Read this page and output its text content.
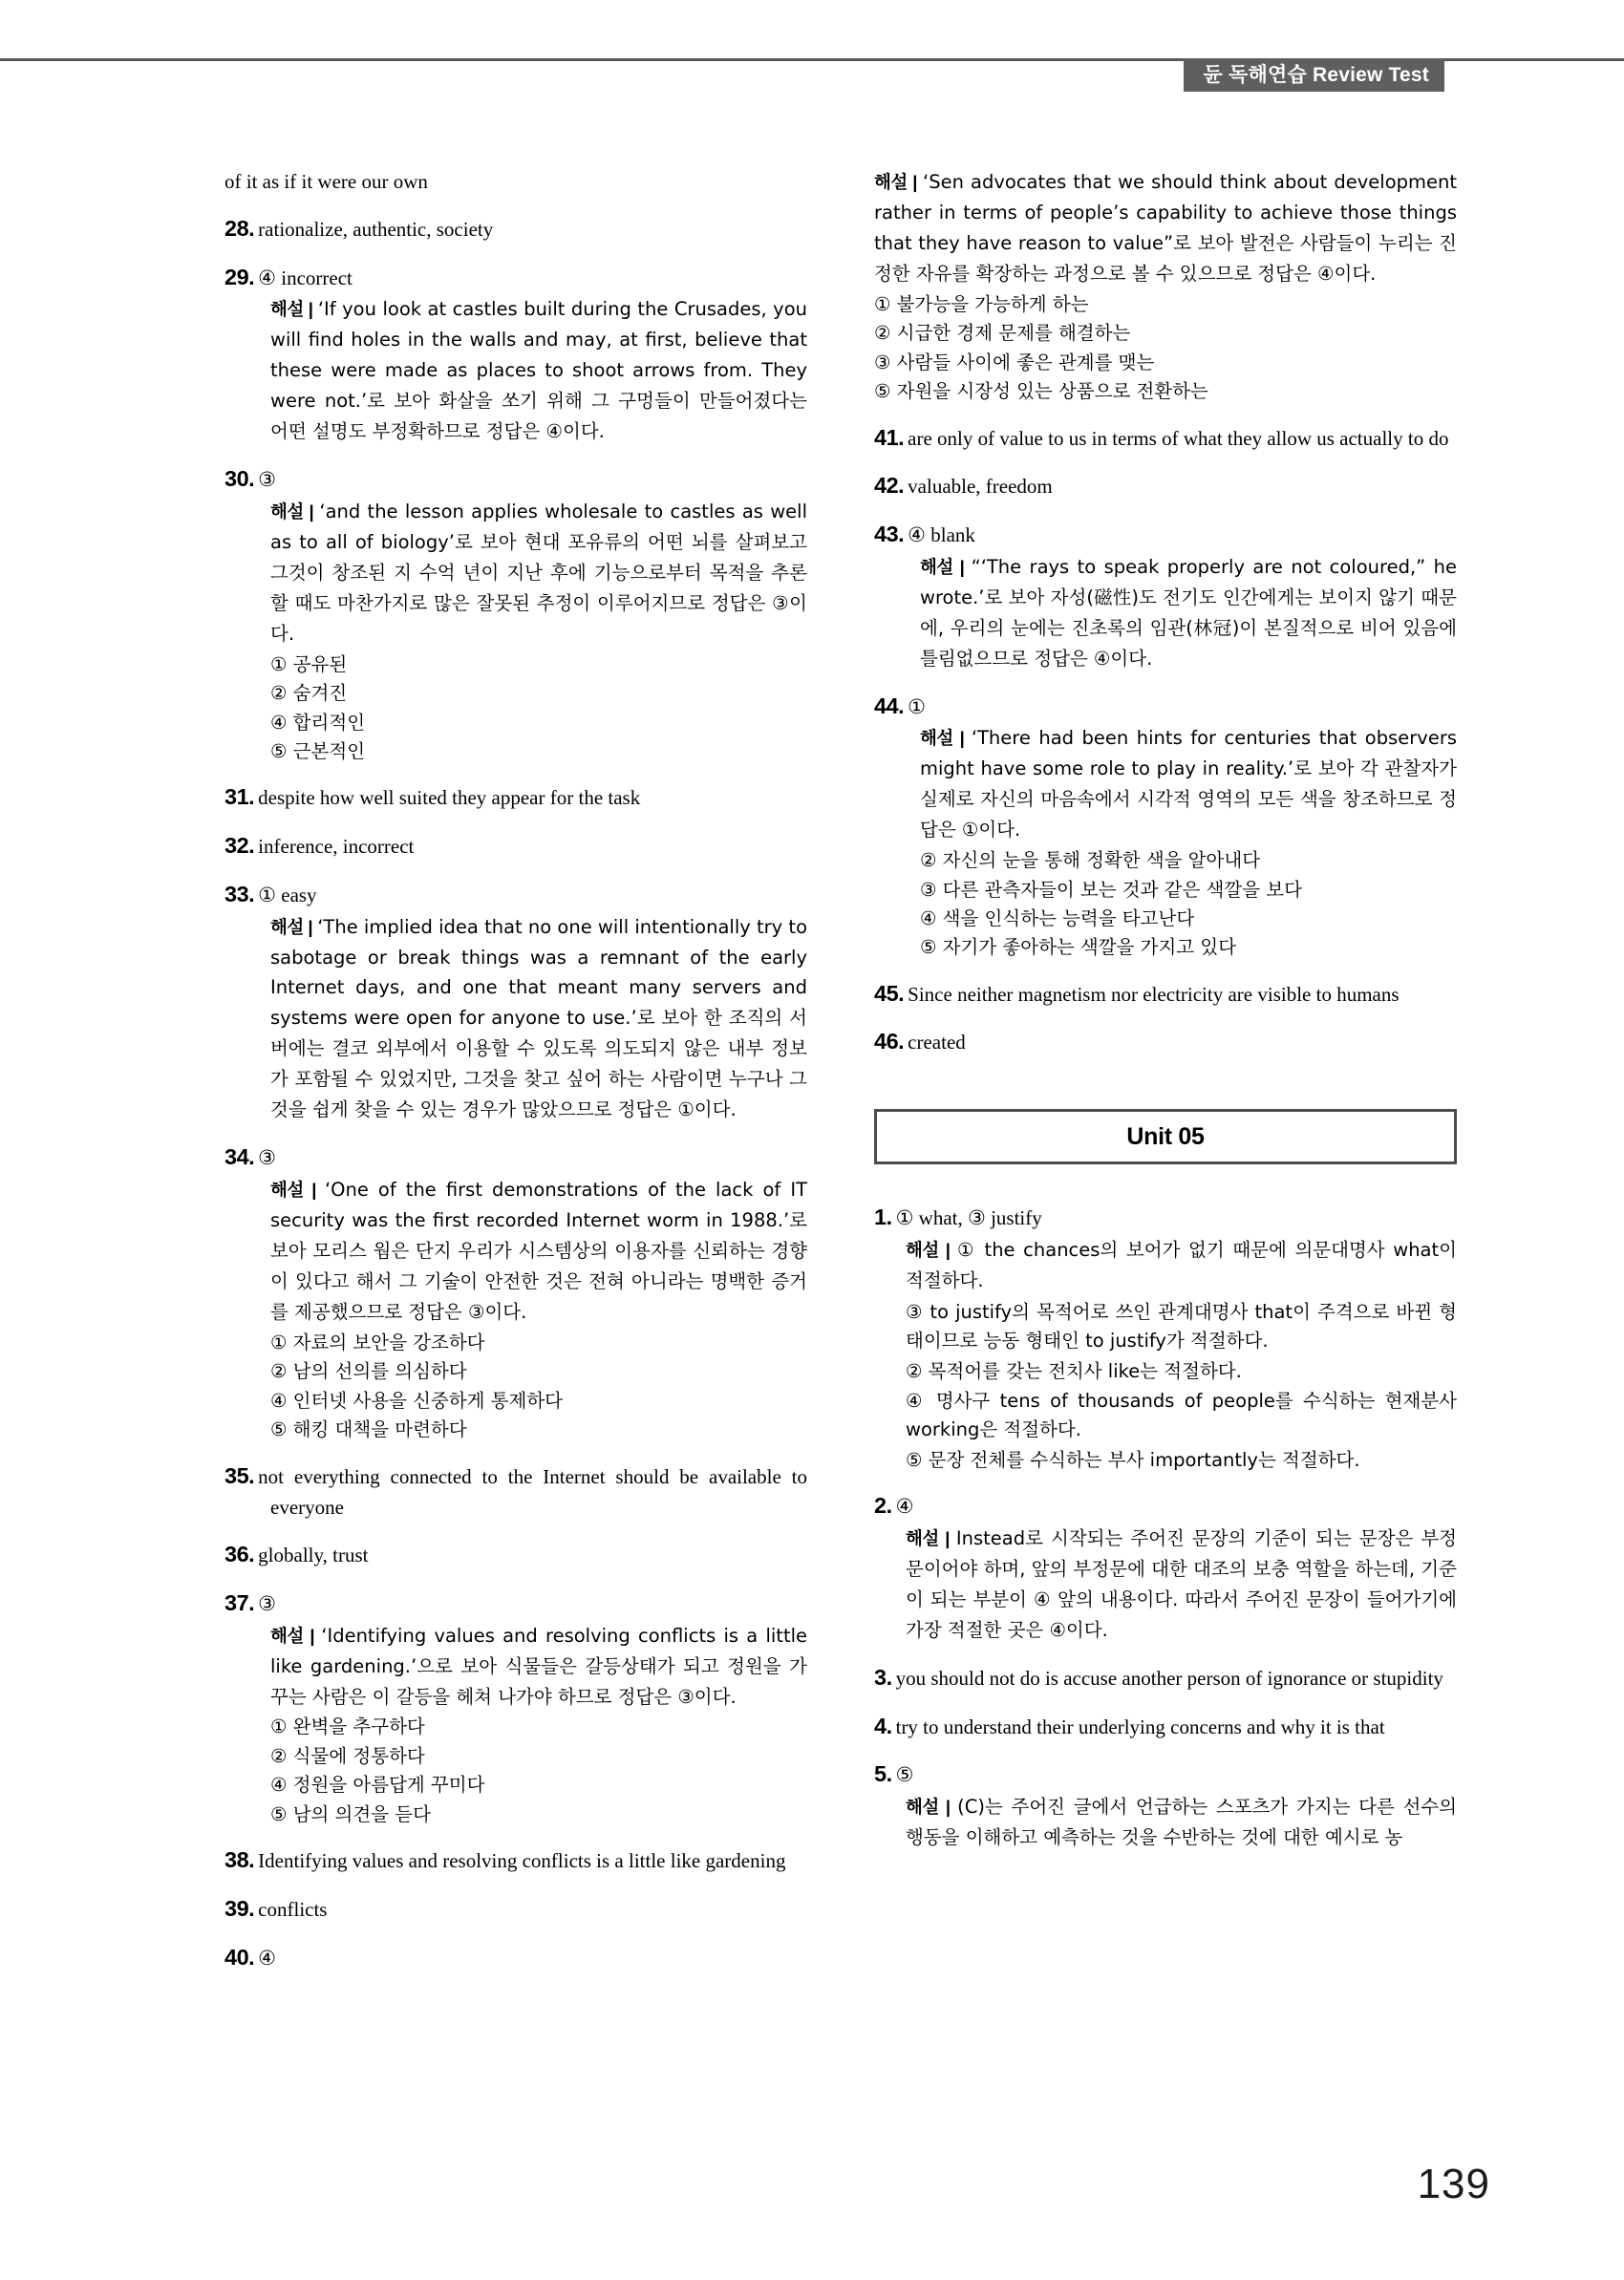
듄 독해연습 Review Test
of it as if it were our own
28. rationalize, authentic, society
29. ④ incorrect
해설 | ‘If you look at castles built during the Crusades, you will find holes in the walls and may, at first, believe that these were made as places to shoot arrows from. They were not.’로 보아 화살을 쏘기 위해 그 구멍들이 만들어졌다는 어떤 설명도 부정확하므로 정답은 ④이다.
30. ③
해설 | ‘and the lesson applies wholesale to castles as well as to all of biology’로 보아 현대 포유류의 어떤 뇌를 살펴보고 그것이 창조된 지 수억 년이 지난 후에 기능으로부터 목적을 추론할 때도 마찬가지로 많은 잘못된 추정이 이루어지므로 정답은 ③이다.
① 공유된
② 숨겨진
④ 합리적인
⑤ 근본적인
31. despite how well suited they appear for the task
32. inference, incorrect
33. ① easy
해설 | ‘The implied idea that no one will intentionally try to sabotage or break things was a remnant of the early Internet days, and one that meant many servers and systems were open for anyone to use.’로 보아 한 조직의 서버에는 결코 외부에서 이용할 수 있도록 의도되지 않은 내부 정보가 포함될 수 있었지만, 그것을 찾고 싶어 하는 사람이면 누구나 그것을 쉽게 찾을 수 있는 경우가 많았으므로 정답은 ①이다.
34. ③
해설 | ‘One of the first demonstrations of the lack of IT security was the first recorded Internet worm in 1988.’로 보아 모리스 웜은 단지 우리가 시스템상의 이용자를 신뢰하는 경향이 있다고 해서 그 기술이 안전한 것은 전혀 아니라는 명백한 증거를 제공했으므로 정답은 ③이다.
① 자료의 보안을 강조하다
② 남의 선의를 의심하다
④ 인터넷 사용을 신중하게 통제하다
⑤ 해킹 대책을 마련하다
35. not everything connected to the Internet should be available to everyone
36. globally, trust
37. ③
해설 | ‘Identifying values and resolving conflicts is a little like gardening.’으로 보아 식물들은 갈등상태가 되고 정원을 가꾸는 사람은 이 갈등을 헤쳐 나가야 하므로 정답은 ③이다.
① 완벽을 추구하다
② 식물에 정통하다
④ 정원을 아름답게 꾸미다
⑤ 남의 의견을 듣다
38. Identifying values and resolving conflicts is a little like gardening
39. conflicts
40. ④
해설 | ‘Sen advocates that we should think about development rather in terms of people’s capability to achieve those things that they have reason to value”로 보아 발전은 사람들이 누리는 진정한 자유를 확장하는 과정으로 볼 수 있으므로 정답은 ④이다.
① 불가능을 가능하게 하는
② 시급한 경제 문제를 해결하는
③ 사람들 사이에 좋은 관계를 맺는
⑤ 자원을 시장성 있는 상품으로 전환하는
41. are only of value to us in terms of what they allow us actually to do
42. valuable, freedom
43. ④ blank
해설 | “‘The rays to speak properly are not coloured,” he wrote.’로 보아 자성(磁性)도 전기도 인간에게는 보이지 않기 때문에, 우리의 눈에는 진초록의 임관(林冠)이 본질적으로 비어 있음에 틀림없으므로 정답은 ④이다.
44. ①
해설 | ‘There had been hints for centuries that observers might have some role to play in reality.’로 보아 각 관찰자가 실제로 자신의 마음속에서 시각적 영역의 모든 색을 창조하므로 정답은 ①이다.
② 자신의 눈을 통해 정확한 색을 알아내다
③ 다른 관측자들이 보는 것과 같은 색깔을 보다
④ 색을 인식하는 능력을 타고난다
⑤ 자기가 좋아하는 색깔을 가지고 있다
45. Since neither magnetism nor electricity are visible to humans
46. created
Unit 05
1. ① what, ③ justify
해설 | ① the chances의 보어가 없기 때문에 의문대명사 what이 적절하다.
③ to justify의 목적어로 쓰인 관계대명사 that이 주격으로 바뀐 형태이므로 능동 형태인 to justify가 적절하다.
② 목적어를 갖는 전치사 like는 적절하다.
④ 명사구 tens of thousands of people를 수식하는 현재분사 working은 적절하다.
⑤ 문장 전체를 수식하는 부사 importantly는 적절하다.
2. ④
해설 | Instead로 시작되는 주어진 문장의 기준이 되는 문장은 부정문이어야 하며, 앞의 부정문에 대한 대조의 보충 역할을 하는데, 기준이 되는 부분이 ④ 앞의 내용이다. 따라서 주어진 문장이 들어가기에 가장 적절한 곳은 ④이다.
3. you should not do is accuse another person of ignorance or stupidity
4. try to understand their underlying concerns and why it is that
5. ⑤
해설 | (C)는 주어진 글에서 언급하는 스포츠가 가지는 다른 선수의 행동을 이해하고 예측하는 것을 수반하는 것에 대한 예시로 농
139
